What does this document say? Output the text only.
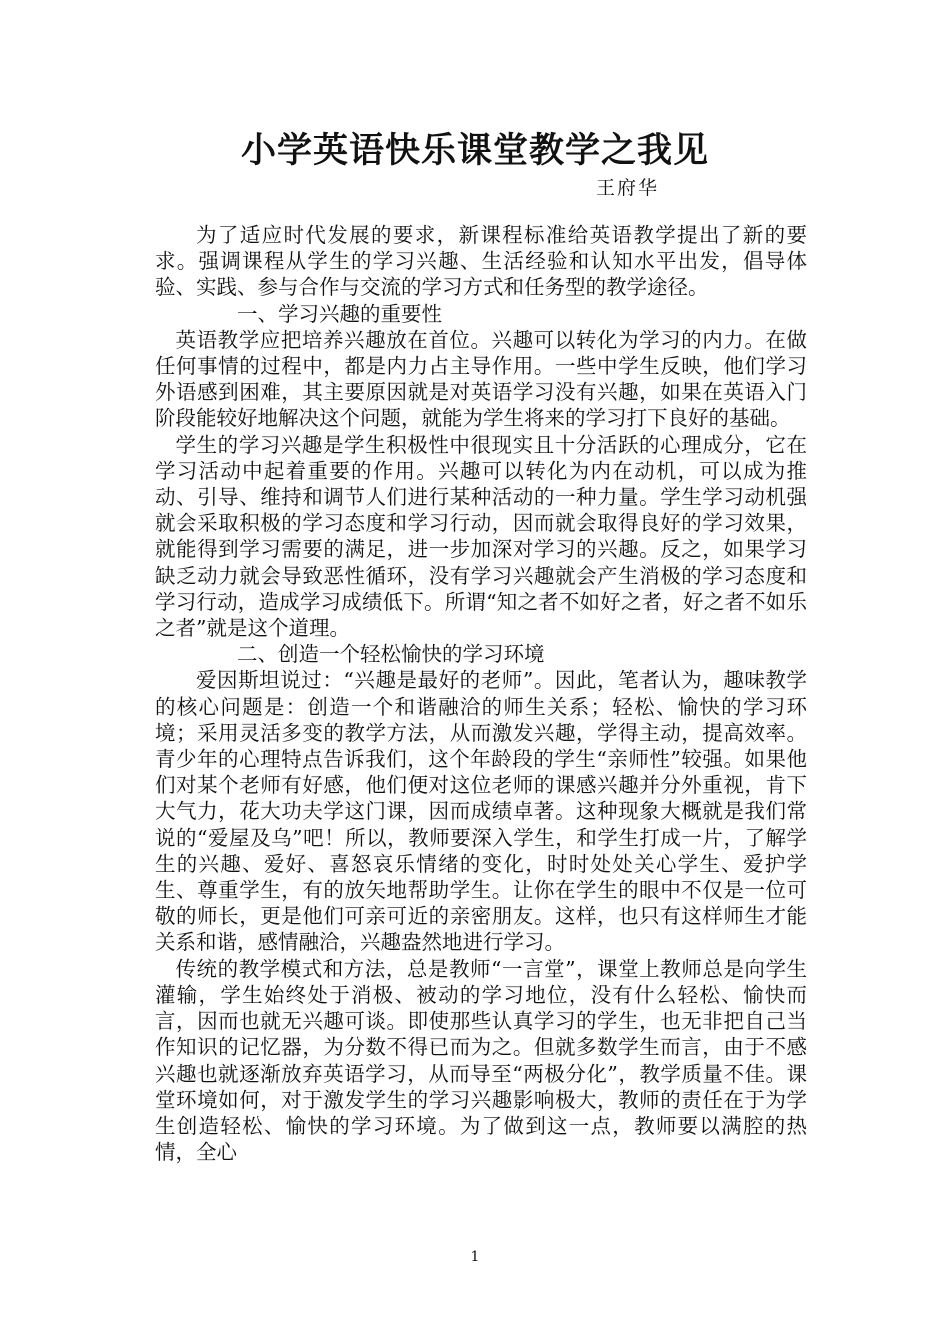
小学英语快乐课堂教学之我见
王府华

为了适应时代发展的要求，新课程标准给英语教学提出了新的要求。强调课程从学生的学习兴趣、生活经验和认知水平出发，倡导体验、实践、参与合作与交流的学习方式和任务型的教学途径。

一、学习兴趣的重要性

英语教学应把培养兴趣放在首位。兴趣可以转化为学习的内力。在做任何事情的过程中，都是内力占主导作用。一些中学生反映，他们学习外语感到困难，其主要原因就是对英语学习没有兴趣，如果在英语入门阶段能较好地解决这个问题，就能为学生将来的学习打下良好的基础。

学生的学习兴趣是学生积极性中很现实且十分活跃的心理成分，它在学习活动中起着重要的作用。兴趣可以转化为内在动机，可以成为推动、引导、维持和调节人们进行某种活动的一种力量。学生学习动机强就会采取积极的学习态度和学习行动，因而就会取得良好的学习效果，就能得到学习需要的满足，进一步加深对学习的兴趣。反之，如果学习缺乏动力就会导致恶性循环，没有学习兴趣就会产生消极的学习态度和学习行动，造成学习成绩低下。所谓“知之者不如好之者，好之者不如乐之者”就是这个道理。

二、创造一个轻松愉快的学习环境

爱因斯坦说过：“兴趣是最好的老师”。因此，笔者认为，趣味教学的核心问题是：创造一个和谐融洽的师生关系；轻松、愉快的学习环境；采用灵活多变的教学方法，从而激发兴趣，学得主动，提高效率。青少年的心理特点告诉我们，这个年龄段的学生“亲师性”较强。如果他们对某个老师有好感，他们便对这位老师的课感兴趣并分外重视，肯下大气力，花大功夫学这门课，因而成绩卓著。这种现象大概就是我们常说的“爱屋及乌”吧！所以，教师要深入学生，和学生打成一片，了解学生的兴趣、爱好、喜怒哀乐情绪的变化，时时处处关心学生、爱护学生、尊重学生，有的放矢地帮助学生。让你在学生的眼中不仅是一位可敬的师长，更是他们可亲可近的亲密朋友。这样，也只有这样师生才能关系和谐，感情融洽，兴趣盎然地进行学习。

传统的教学模式和方法，总是教师“一言堂”，课堂上教师总是向学生灌输，学生始终处于消极、被动的学习地位，没有什么轻松、愉快而言，因而也就无兴趣可谈。即使那些认真学习的学生，也无非把自己当作知识的记忆器，为分数不得已而为之。但就多数学生而言，由于不感兴趣也就逐渐放弃英语学习，从而导至“两极分化”，教学质量不佳。课堂环境如何，对于激发学生的学习兴趣影响极大，教师的责任在于为学生创造轻松、愉快的学习环境。为了做到这一点，教师要以满腔的热情，全心

1
